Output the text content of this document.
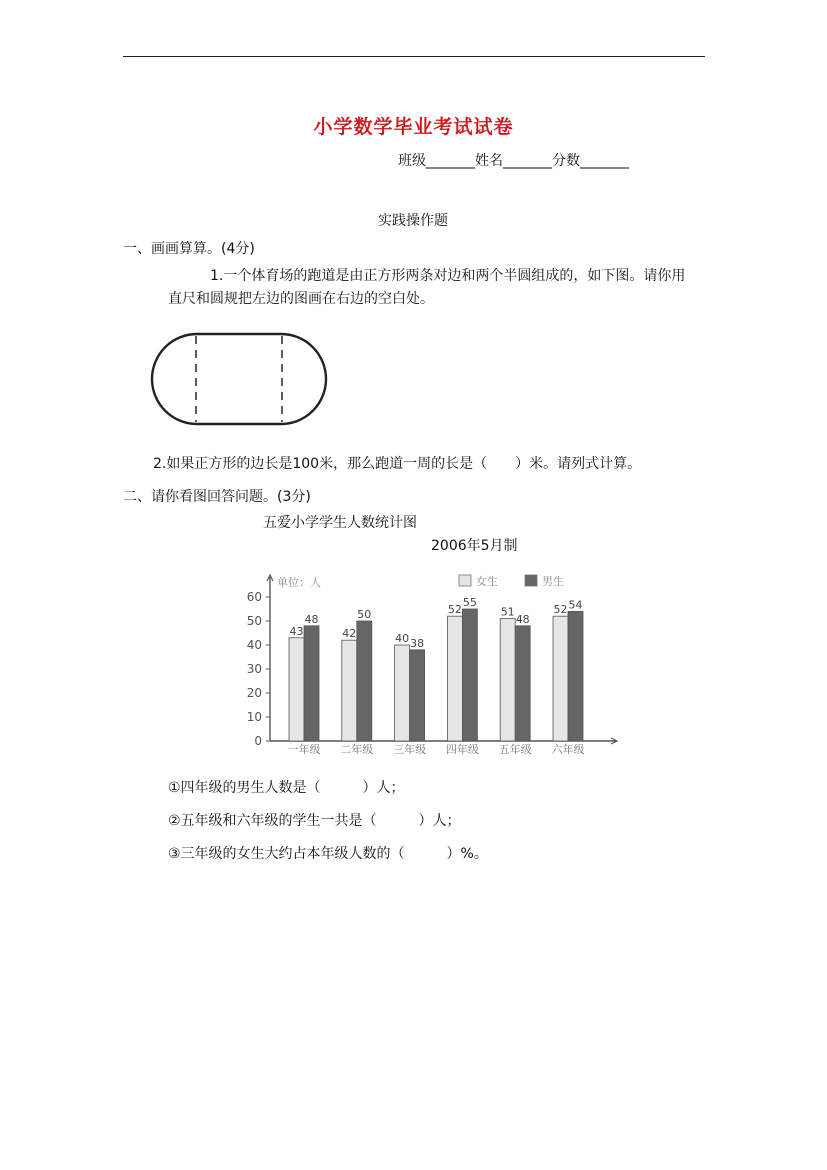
小学数学毕业考试试卷
班级_______姓名_______分数_______
实践操作题
一、画画算算。(4分)
1.一个体育场的跑道是由正方形两条对边和两个半圆组成的，如下图。请你用
直尺和圆规把左边的图画在右边的空白处。
2.如果正方形的边长是100米，那么跑道一周的长是（　　）米。请列式计算。
二、请你看图回答问题。(3分)
五爱小学学生人数统计图
2006年5月制
0
10
20
30
40
50
60
单位：人
一年级 二年级 三年级 四年级 五年级 六年级
43
48
42
50
40 38
52
55
51
48
52 54
女生	男生
①四年级的男生人数是（　　　）人；
②五年级和六年级的学生一共是（　　　）人；
③三年级的女生大约占本年级人数的（　　　）%。
